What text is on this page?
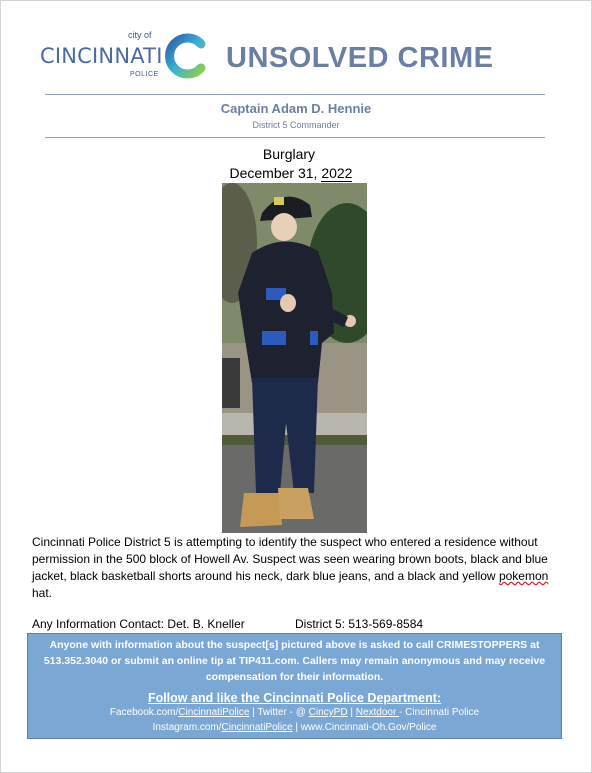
city of
CINCINNATI
POLICE
UNSOLVED CRIME
Captain Adam D. Hennie
District 5 Commander
Burglary
December 31, 2022
Cincinnati Police District 5 is attempting to identify the suspect who entered a residence without permission in the 500 block of Howell Av. Suspect was seen wearing brown boots, black and blue jacket, black basketball shorts around his neck, dark blue jeans, and a black and yellow pokemon hat.
Any Information Contact: Det. B. Kneller	District 5: 513-569-8584
Anyone with information about the suspect[s] pictured above is asked to call CRIMESTOPPERS at 513.352.3040 or submit an online tip at TIP411.com. Callers may remain anonymous and may receive compensation for their information.
Follow and like the Cincinnati Police Department:
Facebook.com/CincinnatiPolice | Twitter - @ CincyPD | Nextdoor - Cincinnati Police
Instagram.com/CincinnatiPolice | www.Cincinnati-Oh.Gov/Police
